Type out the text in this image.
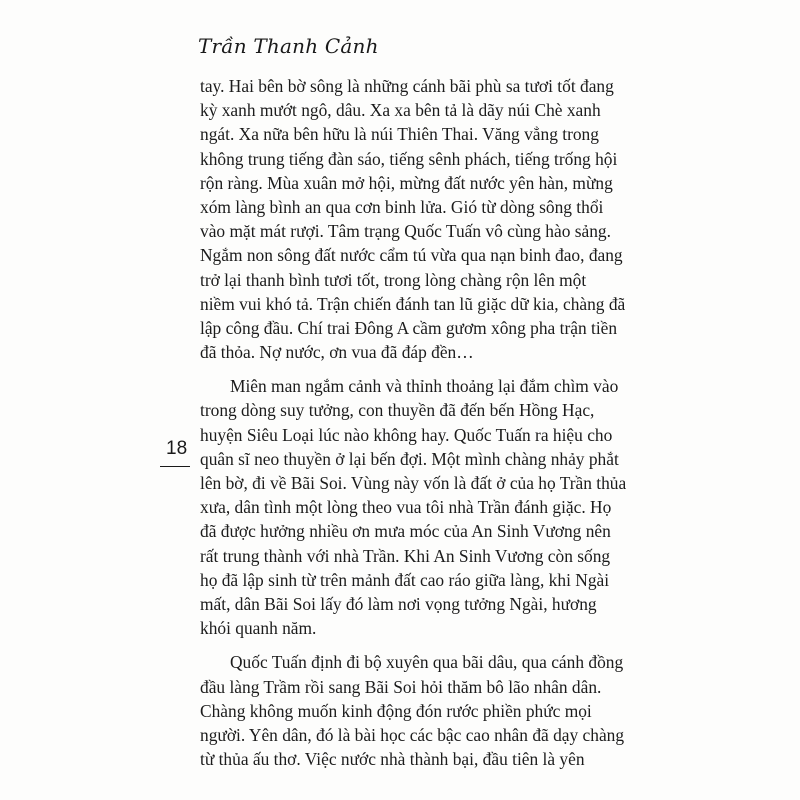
Trần Thanh Cảnh
18
tay. Hai bên bờ sông là những cánh bãi phù sa tươi tốt đang
kỳ xanh mướt ngô, dâu. Xa xa bên tả là dãy núi Chè xanh
ngát. Xa nữa bên hữu là núi Thiên Thai. Văng vẳng trong
không trung tiếng đàn sáo, tiếng sênh phách, tiếng trống hội
rộn ràng. Mùa xuân mở hội, mừng đất nước yên hàn, mừng
xóm làng bình an qua cơn binh lửa. Gió từ dòng sông thổi
vào mặt mát rượi. Tâm trạng Quốc Tuấn vô cùng hào sảng.
Ngắm non sông đất nước cẩm tú vừa qua nạn binh đao, đang
trở lại thanh bình tươi tốt, trong lòng chàng rộn lên một
niềm vui khó tả. Trận chiến đánh tan lũ giặc dữ kia, chàng đã
lập công đầu. Chí trai Đông A cầm gươm xông pha trận tiền
đã thỏa. Nợ nước, ơn vua đã đáp đền…
Miên man ngắm cảnh và thỉnh thoảng lại đắm chìm vào
trong dòng suy tưởng, con thuyền đã đến bến Hồng Hạc,
huyện Siêu Loại lúc nào không hay. Quốc Tuấn ra hiệu cho
quân sĩ neo thuyền ở lại bến đợi. Một mình chàng nhảy phắt
lên bờ, đi về Bãi Soi. Vùng này vốn là đất ở của họ Trần thủa
xưa, dân tình một lòng theo vua tôi nhà Trần đánh giặc. Họ
đã được hưởng nhiều ơn mưa móc của An Sinh Vương nên
rất trung thành với nhà Trần. Khi An Sinh Vương còn sống
họ đã lập sinh từ trên mảnh đất cao ráo giữa làng, khi Ngài
mất, dân Bãi Soi lấy đó làm nơi vọng tưởng Ngài, hương
khói quanh năm.
Quốc Tuấn định đi bộ xuyên qua bãi dâu, qua cánh đồng
đầu làng Trầm rồi sang Bãi Soi hỏi thăm bô lão nhân dân.
Chàng không muốn kinh động đón rước phiền phức mọi
người. Yên dân, đó là bài học các bậc cao nhân đã dạy chàng
từ thủa ấu thơ. Việc nước nhà thành bại, đầu tiên là yên
